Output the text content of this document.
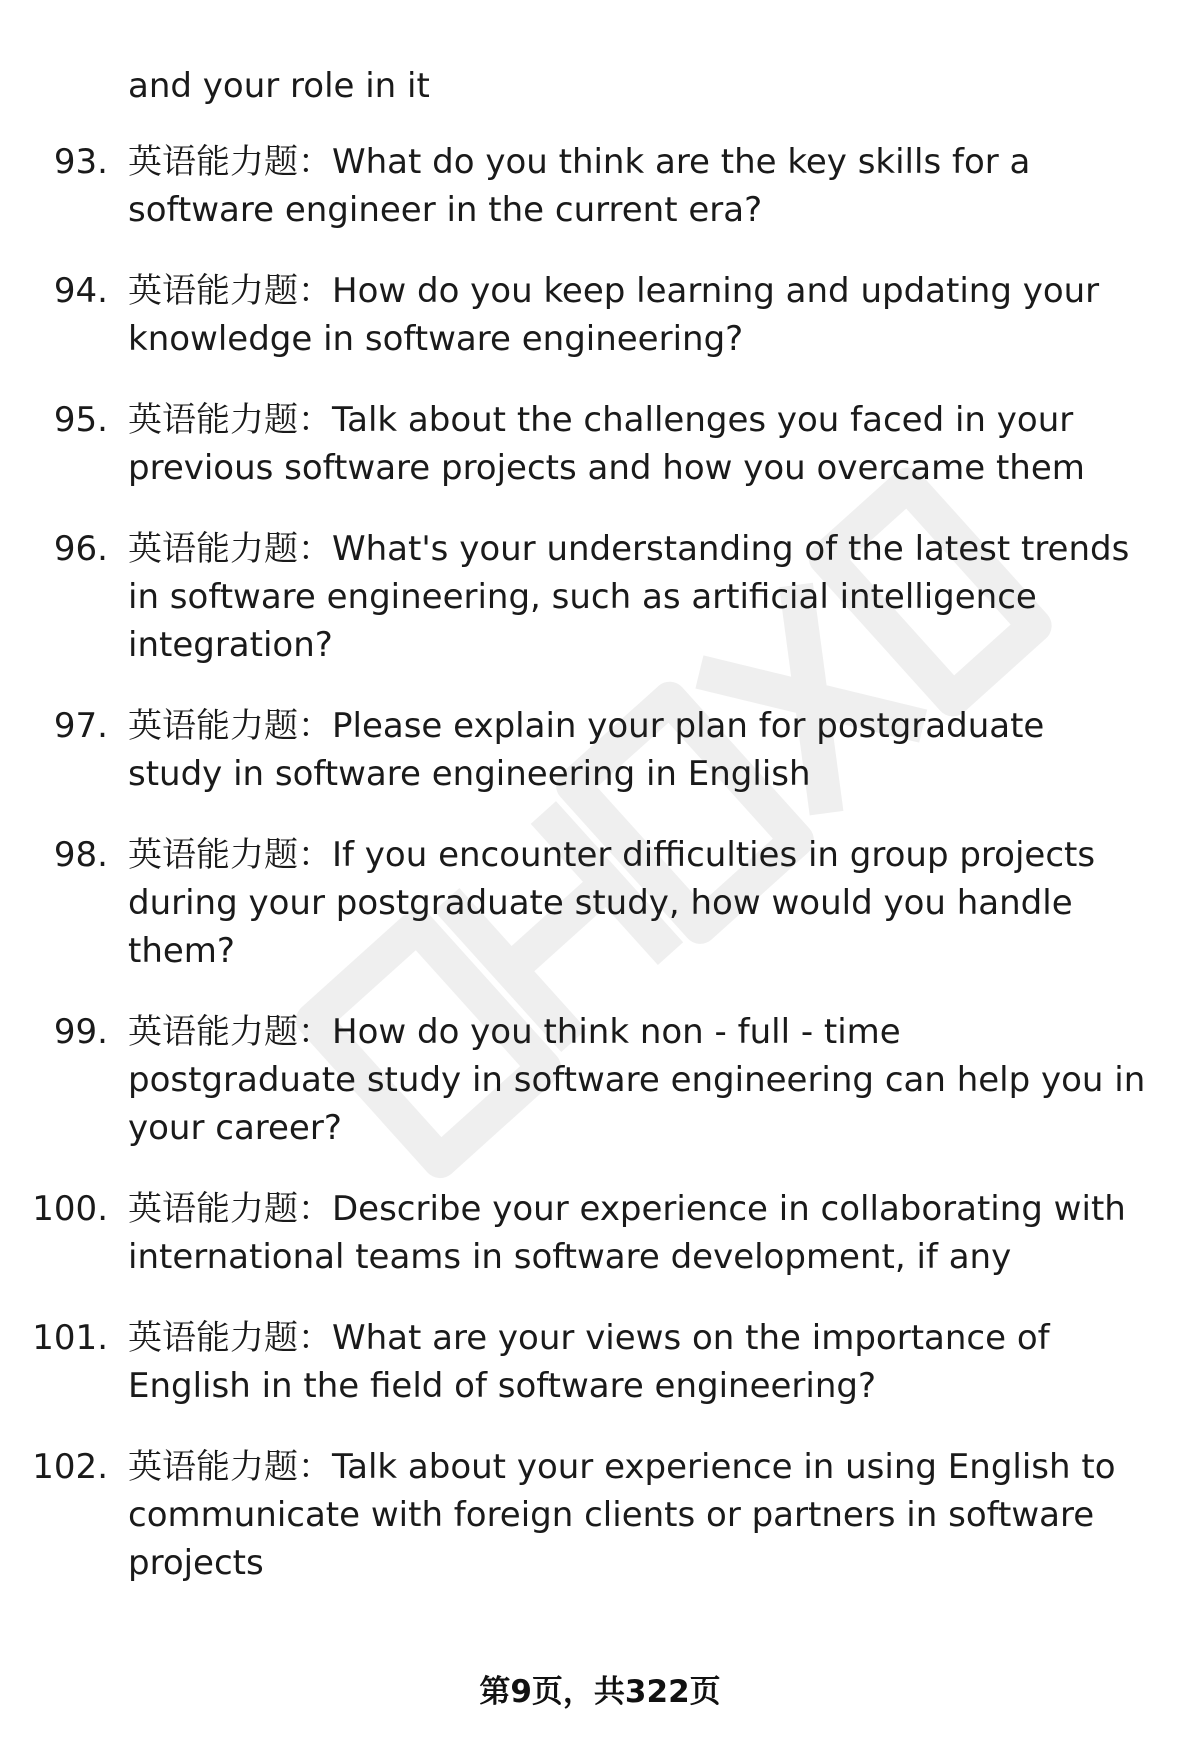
and your role in it
93. 英语能力题：What do you think are the key skills for a
software engineer in the current era?
94. 英语能力题：How do you keep learning and updating your
knowledge in software engineering?
95. 英语能力题：Talk about the challenges you faced in your
previous software projects and how you overcame them
96. 英语能力题：What's your understanding of the latest trends
in software engineering, such as artificial intelligence
integration?
97. 英语能力题：Please explain your plan for postgraduate
study in software engineering in English
98. 英语能力题：If you encounter difficulties in group projects
during your postgraduate study, how would you handle
them?
99. 英语能力题：How do you think non - full - time
postgraduate study in software engineering can help you in
your career?
100. 英语能力题：Describe your experience in collaborating with
international teams in software development, if any
101. 英语能力题：What are your views on the importance of
English in the field of software engineering?
102. 英语能力题：Talk about your experience in using English to
communicate with foreign clients or partners in software
projects
第9页，共322页
